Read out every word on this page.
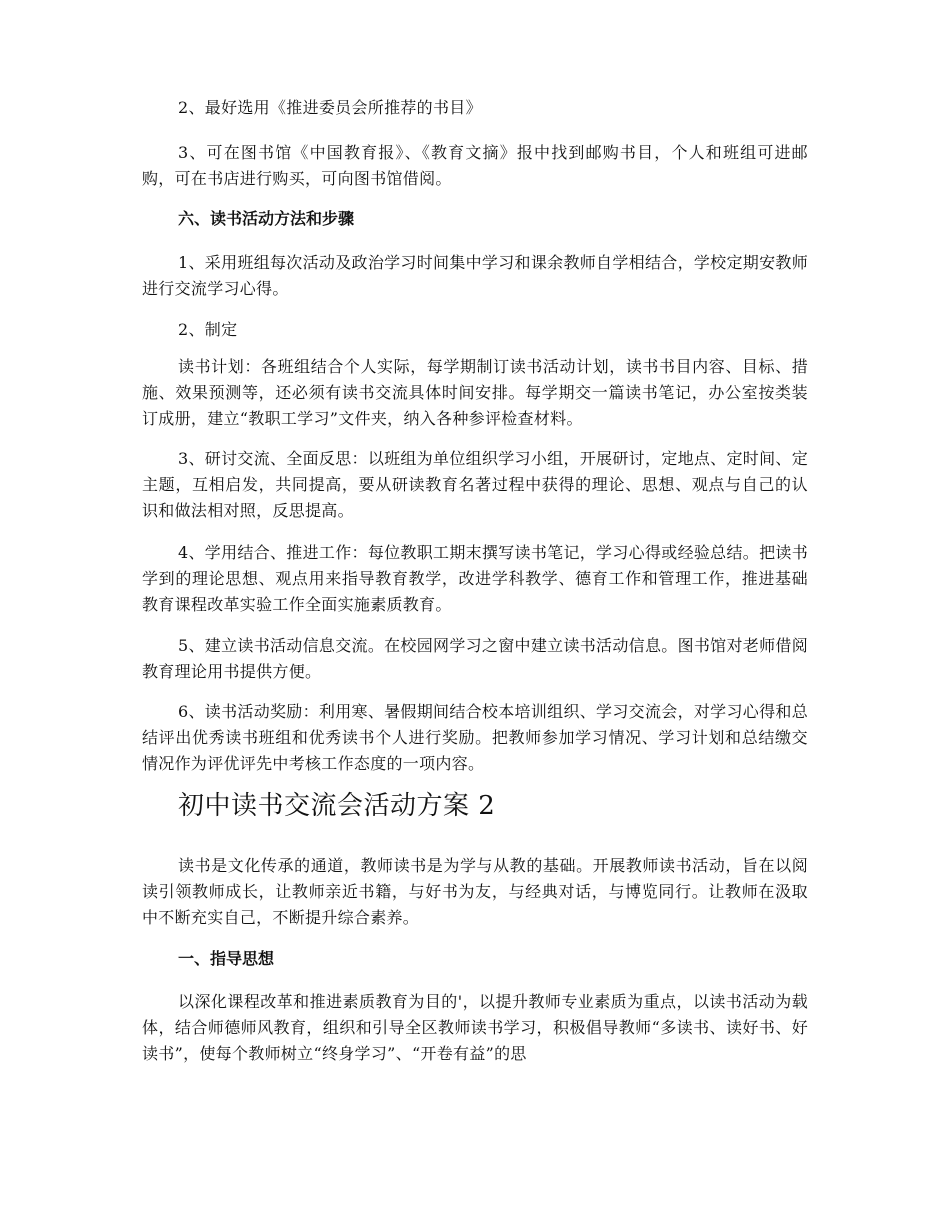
2、最好选用《推进委员会所推荐的书目》

3、可在图书馆《中国教育报》、《教育文摘》报中找到邮购书目，个人和班组可进邮购，可在书店进行购买，可向图书馆借阅。

六、读书活动方法和步骤

1、采用班组每次活动及政治学习时间集中学习和课余教师自学相结合，学校定期安教师进行交流学习心得。

2、制定

读书计划：各班组结合个人实际，每学期制订读书活动计划，读书书目内容、目标、措施、效果预测等，还必须有读书交流具体时间安排。每学期交一篇读书笔记，办公室按类装订成册，建立“教职工学习”文件夹，纳入各种参评检查材料。

3、研讨交流、全面反思：以班组为单位组织学习小组，开展研讨，定地点、定时间、定主题，互相启发，共同提高，要从研读教育名著过程中获得的理论、思想、观点与自己的认识和做法相对照，反思提高。

4、学用结合、推进工作：每位教职工期末撰写读书笔记，学习心得或经验总结。把读书学到的理论思想、观点用来指导教育教学，改进学科教学、德育工作和管理工作，推进基础教育课程改革实验工作全面实施素质教育。

5、建立读书活动信息交流。在校园网学习之窗中建立读书活动信息。图书馆对老师借阅教育理论用书提供方便。

6、读书活动奖励：利用寒、暑假期间结合校本培训组织、学习交流会，对学习心得和总结评出优秀读书班组和优秀读书个人进行奖励。把教师参加学习情况、学习计划和总结缴交情况作为评优评先中考核工作态度的一项内容。

初中读书交流会活动方案 2

读书是文化传承的通道，教师读书是为学与从教的基础。开展教师读书活动，旨在以阅读引领教师成长，让教师亲近书籍，与好书为友，与经典对话，与博览同行。让教师在汲取中不断充实自己，不断提升综合素养。

一、指导思想

以深化课程改革和推进素质教育为目的'，以提升教师专业素质为重点，以读书活动为载体，结合师德师风教育，组织和引导全区教师读书学习，积极倡导教师“多读书、读好书、好读书”，使每个教师树立“终身学习”、“开卷有益”的思
